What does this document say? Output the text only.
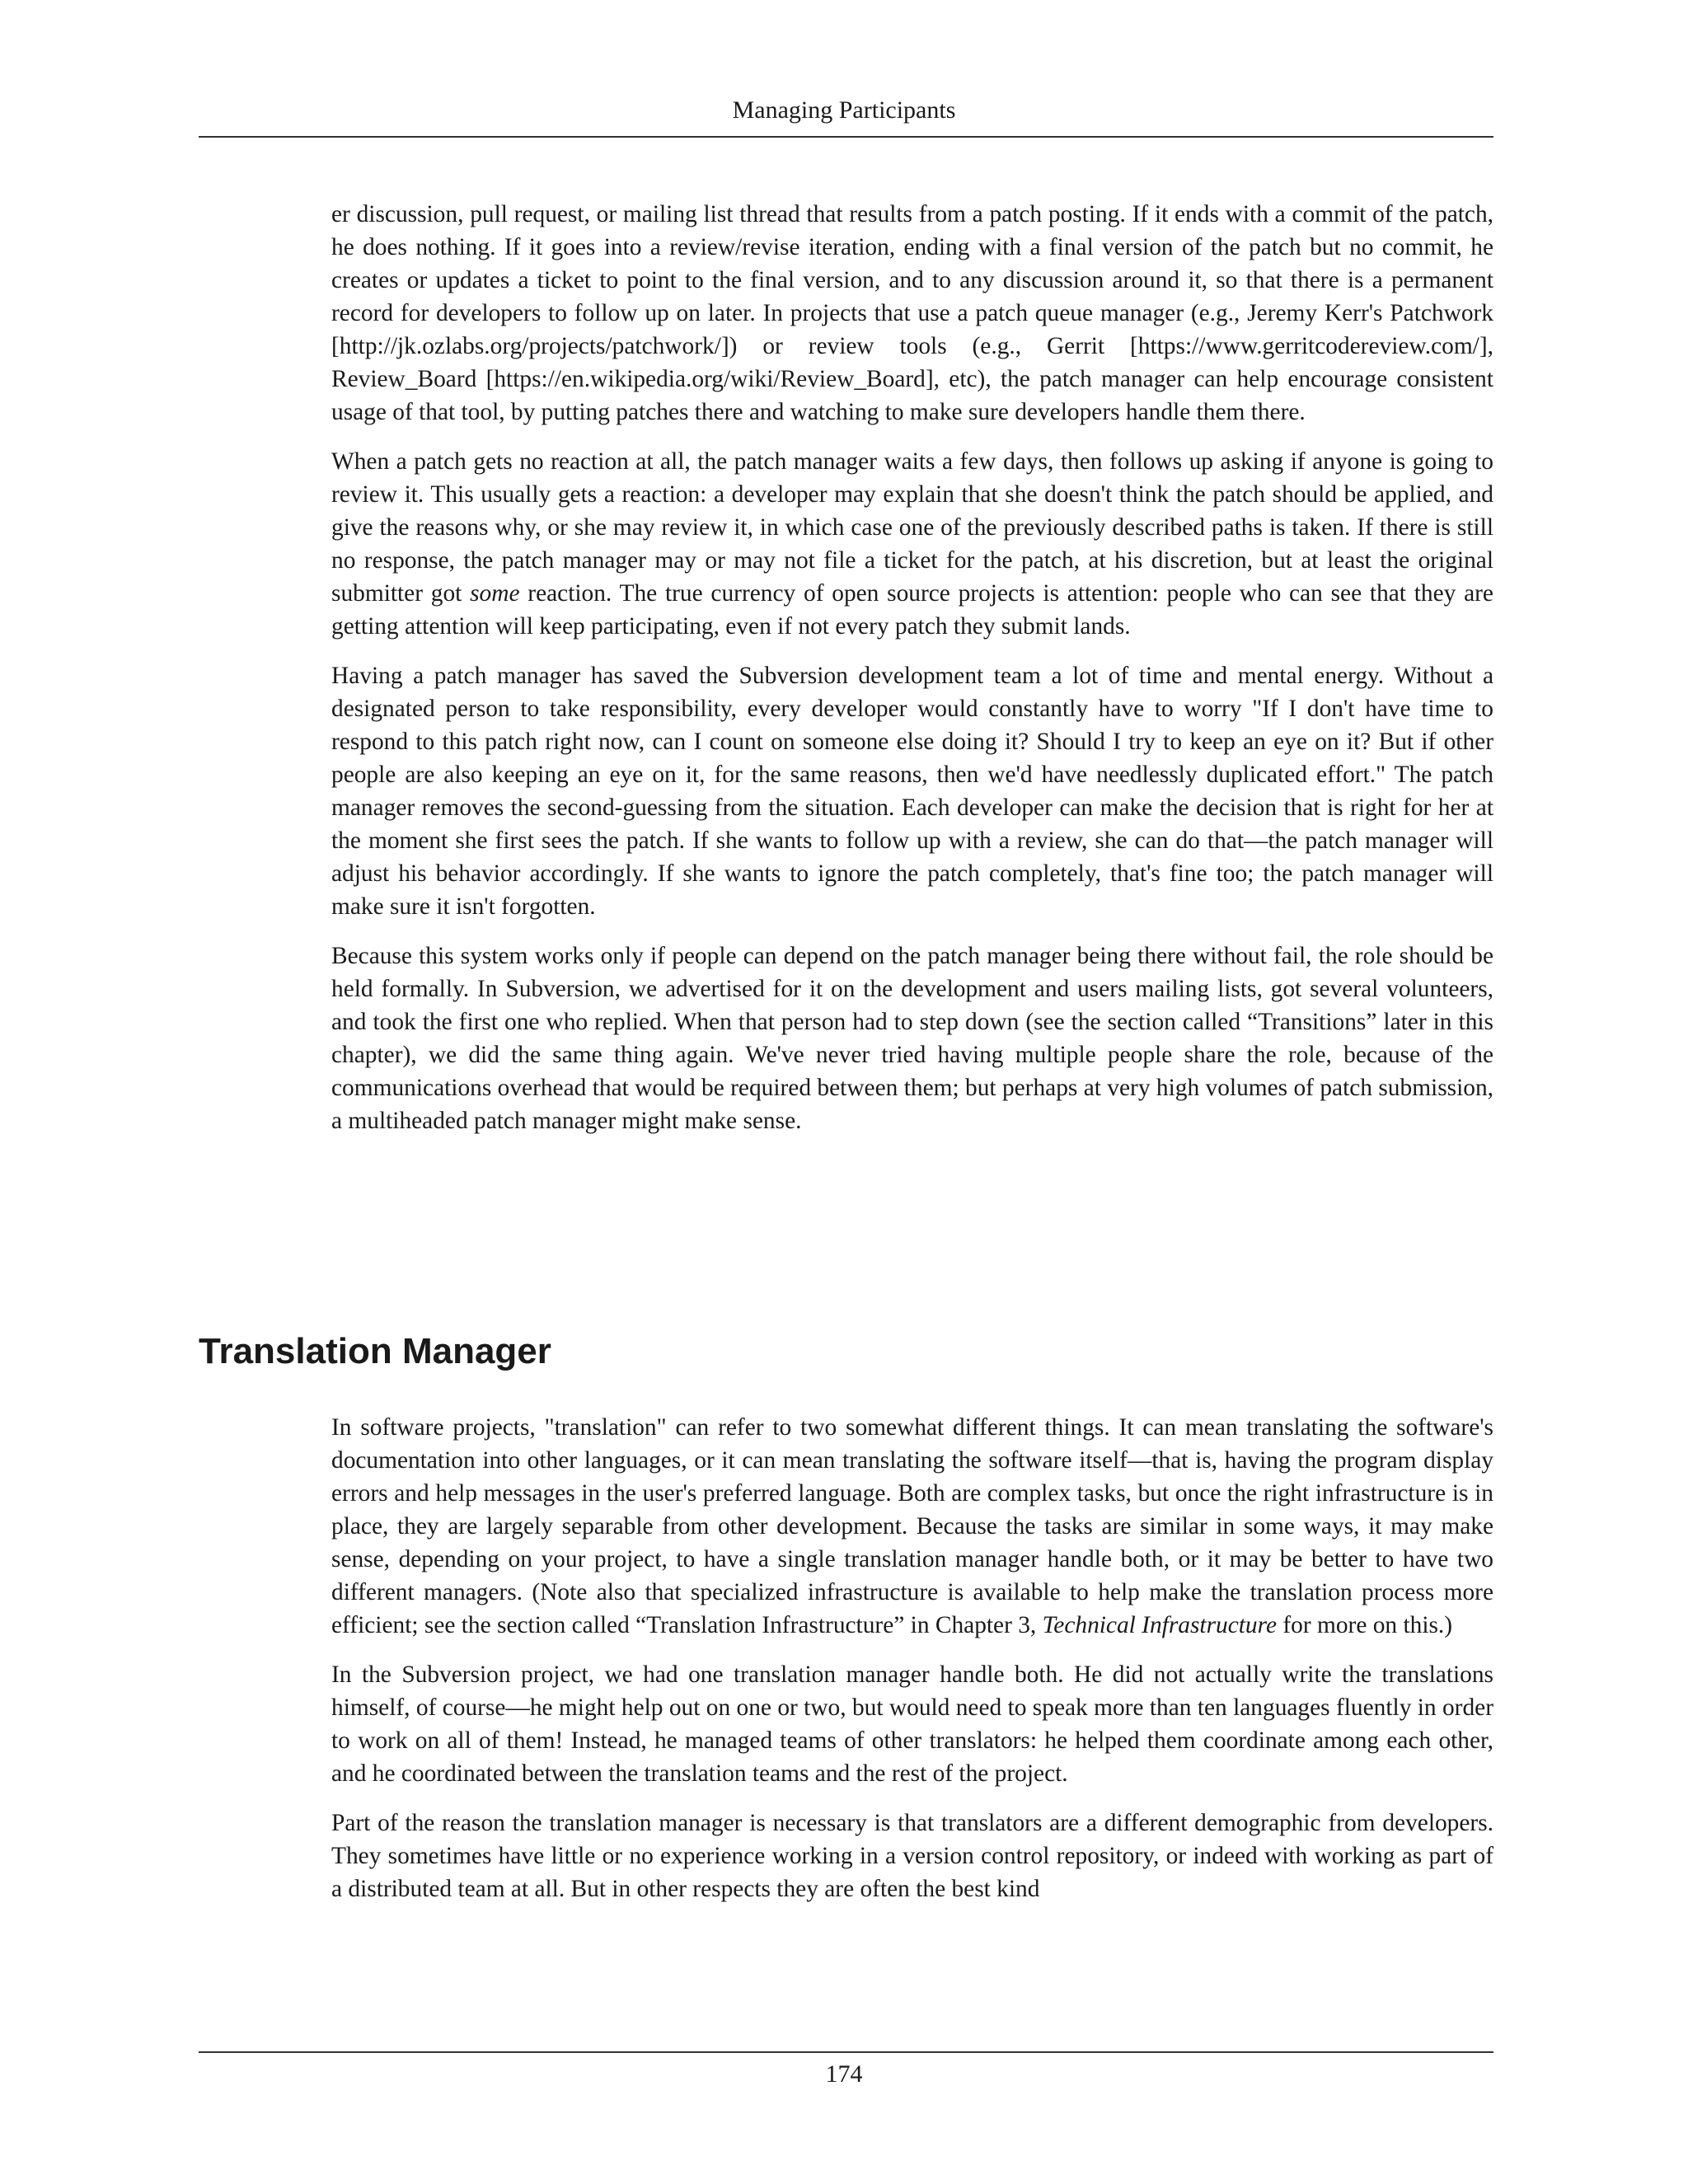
Managing Participants

er discussion, pull request, or mailing list thread that results from a patch posting. If it ends with a commit of the patch, he does nothing. If it goes into a review/revise iteration, ending with a final version of the patch but no commit, he creates or updates a ticket to point to the final version, and to any discussion around it, so that there is a permanent record for developers to follow up on later. In projects that use a patch queue manager (e.g., Jeremy Kerr's Patchwork [http://jk.ozlabs.org/projects/patchwork/]) or review tools (e.g., Gerrit [https://www.gerritcodereview.com/], Review_Board [https://en.wikipedia.org/wiki/Review_Board], etc), the patch manager can help encourage consistent usage of that tool, by putting patches there and watching to make sure developers handle them there.

When a patch gets no reaction at all, the patch manager waits a few days, then follows up asking if anyone is going to review it. This usually gets a reaction: a developer may explain that she doesn't think the patch should be applied, and give the reasons why, or she may review it, in which case one of the previously described paths is taken. If there is still no response, the patch manager may or may not file a ticket for the patch, at his discretion, but at least the original submitter got some reaction. The true currency of open source projects is attention: people who can see that they are getting attention will keep participating, even if not every patch they submit lands.

Having a patch manager has saved the Subversion development team a lot of time and mental energy. Without a designated person to take responsibility, every developer would constantly have to worry "If I don't have time to respond to this patch right now, can I count on someone else doing it? Should I try to keep an eye on it? But if other people are also keeping an eye on it, for the same reasons, then we'd have needlessly duplicated effort." The patch manager removes the second-guessing from the situation. Each developer can make the decision that is right for her at the moment she first sees the patch. If she wants to follow up with a review, she can do that—the patch manager will adjust his behavior accordingly. If she wants to ignore the patch completely, that's fine too; the patch manager will make sure it isn't forgotten.

Because this system works only if people can depend on the patch manager being there without fail, the role should be held formally. In Subversion, we advertised for it on the development and users mailing lists, got several volunteers, and took the first one who replied. When that person had to step down (see the section called “Transitions” later in this chapter), we did the same thing again. We've never tried having multiple people share the role, because of the communications overhead that would be required between them; but perhaps at very high volumes of patch submission, a multiheaded patch manager might make sense.

Translation Manager

In software projects, "translation" can refer to two somewhat different things. It can mean translating the software's documentation into other languages, or it can mean translating the software itself—that is, having the program display errors and help messages in the user's preferred language. Both are complex tasks, but once the right infrastructure is in place, they are largely separable from other development. Because the tasks are similar in some ways, it may make sense, depending on your project, to have a single translation manager handle both, or it may be better to have two different managers. (Note also that specialized infrastructure is available to help make the translation process more efficient; see the section called “Translation Infrastructure” in Chapter 3, Technical Infrastructure for more on this.)

In the Subversion project, we had one translation manager handle both. He did not actually write the translations himself, of course—he might help out on one or two, but would need to speak more than ten languages fluently in order to work on all of them! Instead, he managed teams of other translators: he helped them coordinate among each other, and he coordinated between the translation teams and the rest of the project.

Part of the reason the translation manager is necessary is that translators are a different demographic from developers. They sometimes have little or no experience working in a version control repository, or indeed with working as part of a distributed team at all. But in other respects they are often the best kind

174
